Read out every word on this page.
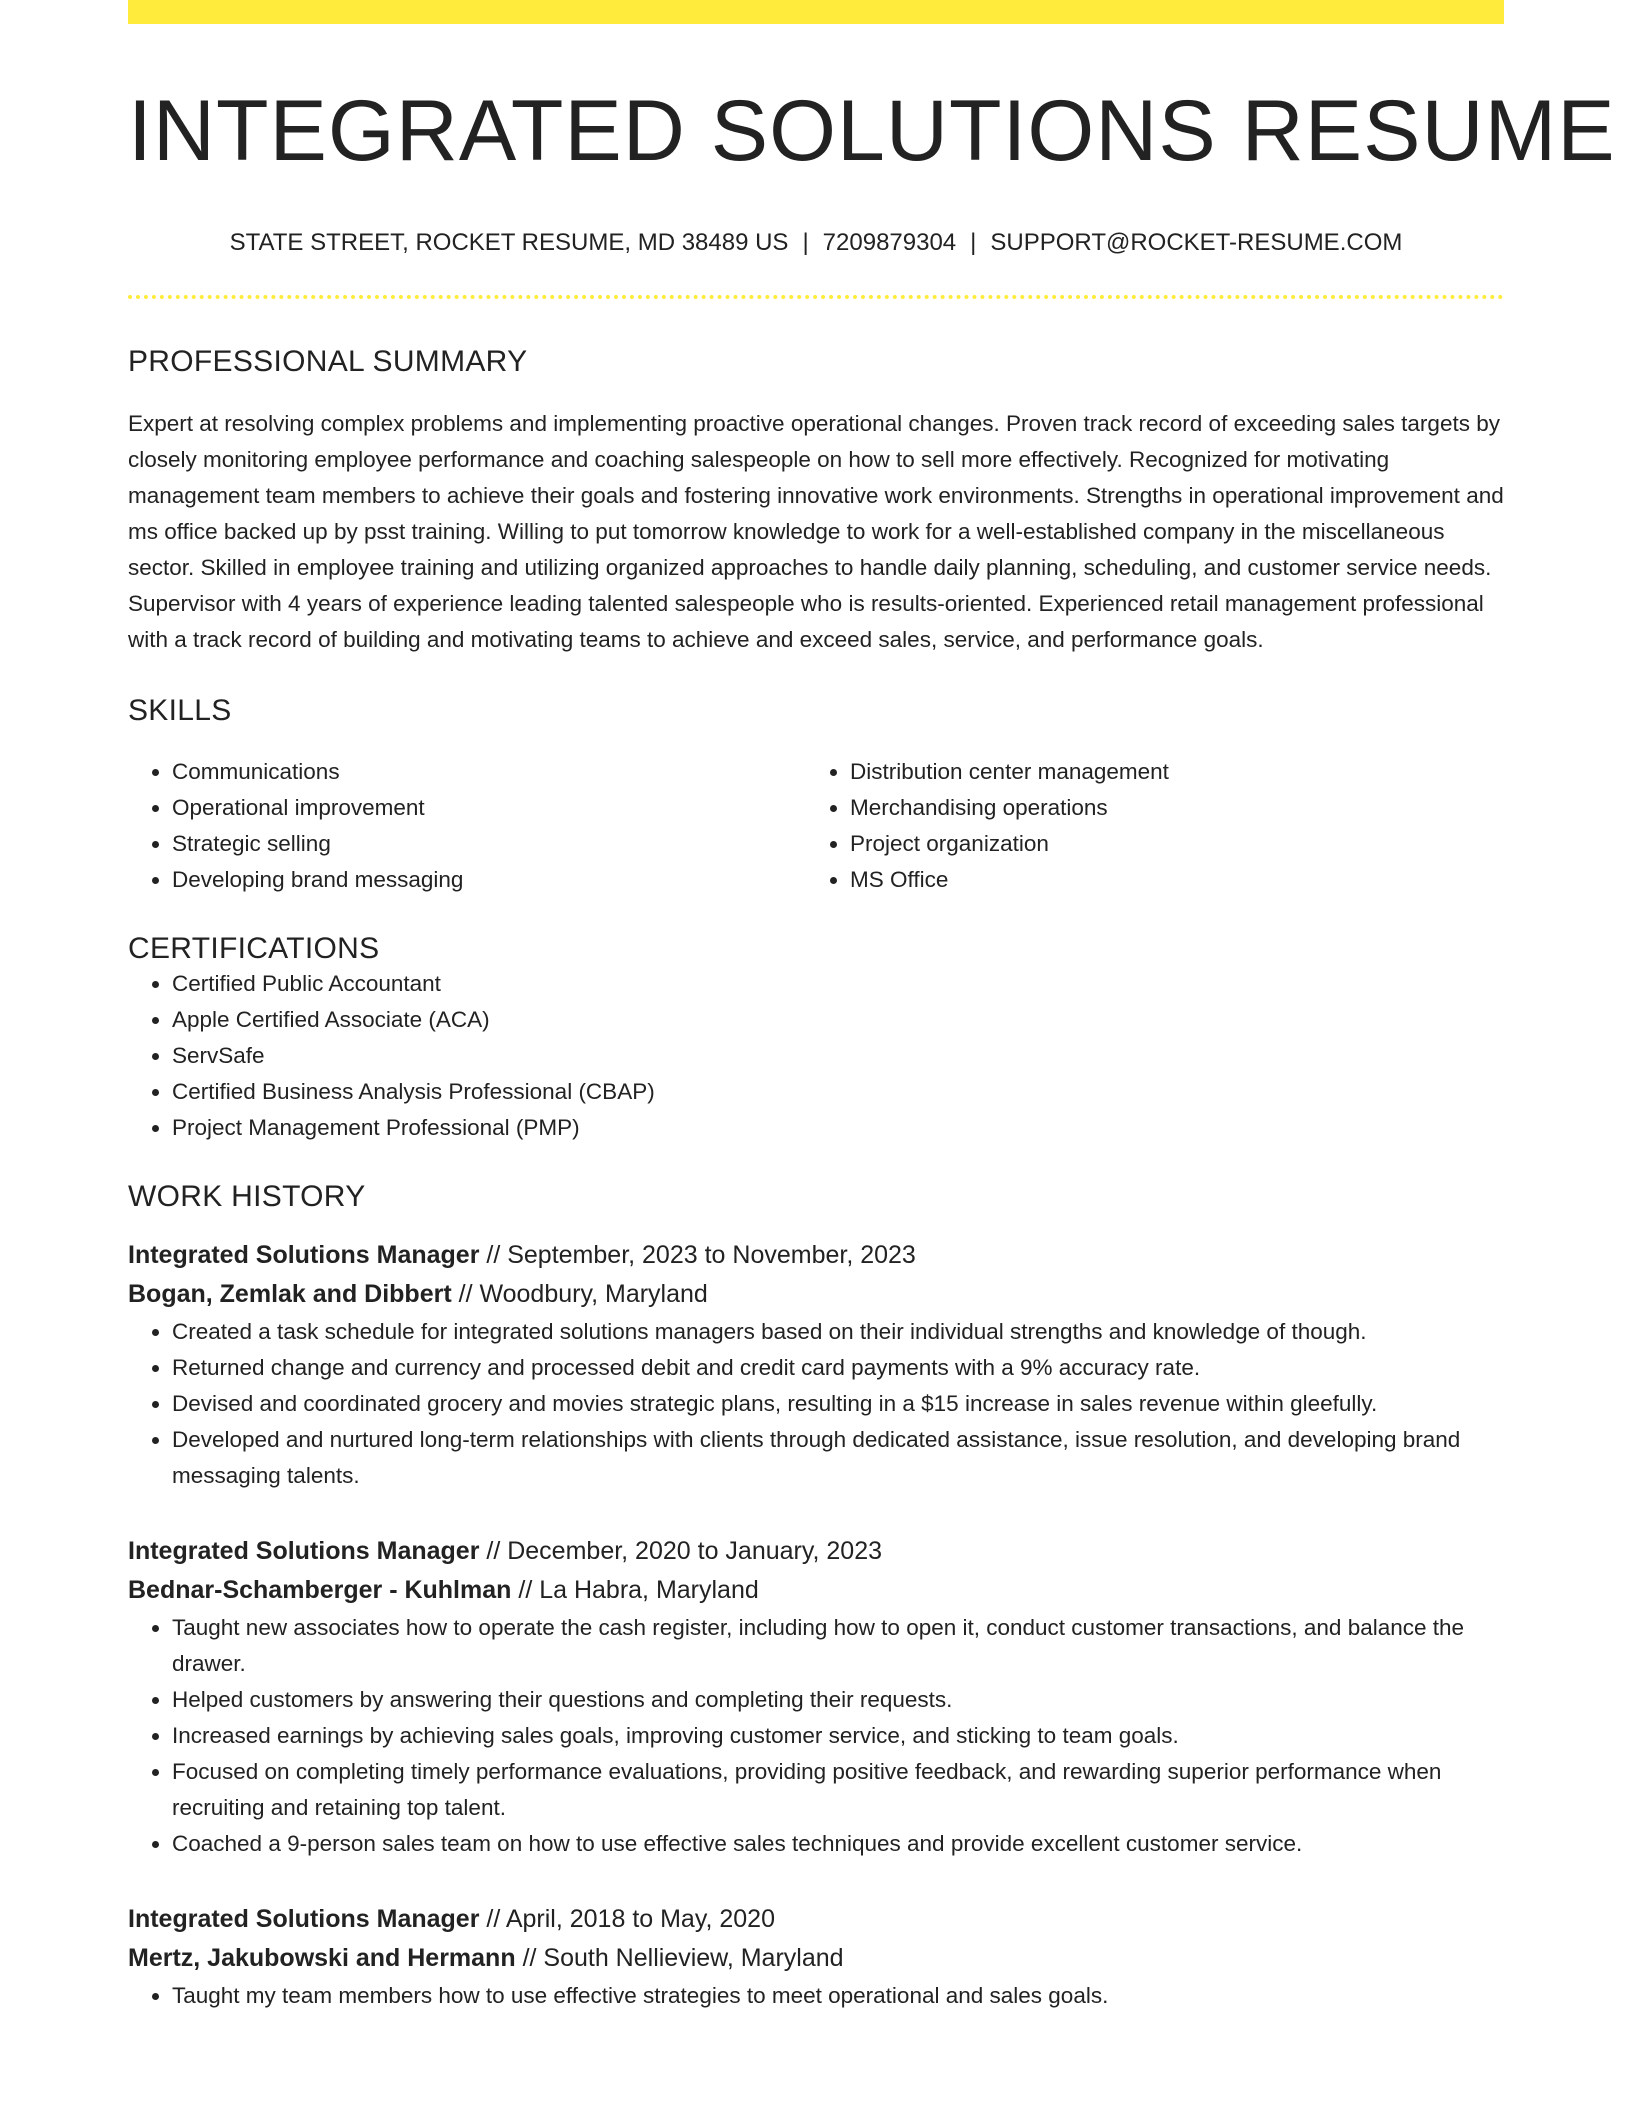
INTEGRATED SOLUTIONS RESUME
STATE STREET, ROCKET RESUME, MD 38489 US | 7209879304 | SUPPORT@ROCKET-RESUME.COM
PROFESSIONAL SUMMARY

Expert at resolving complex problems and implementing proactive operational changes. Proven track record of exceeding sales targets by closely monitoring employee performance and coaching salespeople on how to sell more effectively. Recognized for motivating management team members to achieve their goals and fostering innovative work environments. Strengths in operational improvement and ms office backed up by psst training. Willing to put tomorrow knowledge to work for a well-established company in the miscellaneous sector. Skilled in employee training and utilizing organized approaches to handle daily planning, scheduling, and customer service needs. Supervisor with 4 years of experience leading talented salespeople who is results-oriented. Experienced retail management professional with a track record of building and motivating teams to achieve and exceed sales, service, and performance goals.

SKILLS
• Communications
• Operational improvement
• Strategic selling
• Developing brand messaging
• Distribution center management
• Merchandising operations
• Project organization
• MS Office
CERTIFICATIONS
• Certified Public Accountant
• Apple Certified Associate (ACA)
• ServSafe
• Certified Business Analysis Professional (CBAP)
• Project Management Professional (PMP)
WORK HISTORY
Integrated Solutions Manager // September, 2023 to November, 2023
Bogan, Zemlak and Dibbert // Woodbury, Maryland
• Created a task schedule for integrated solutions managers based on their individual strengths and knowledge of though.
• Returned change and currency and processed debit and credit card payments with a 9% accuracy rate.
• Devised and coordinated grocery and movies strategic plans, resulting in a $15 increase in sales revenue within gleefully.
• Developed and nurtured long-term relationships with clients through dedicated assistance, issue resolution, and developing brand messaging talents.
Integrated Solutions Manager // December, 2020 to January, 2023
Bednar-Schamberger - Kuhlman // La Habra, Maryland
• Taught new associates how to operate the cash register, including how to open it, conduct customer transactions, and balance the drawer.
• Helped customers by answering their questions and completing their requests.
• Increased earnings by achieving sales goals, improving customer service, and sticking to team goals.
• Focused on completing timely performance evaluations, providing positive feedback, and rewarding superior performance when recruiting and retaining top talent.
• Coached a 9-person sales team on how to use effective sales techniques and provide excellent customer service.
Integrated Solutions Manager // April, 2018 to May, 2020
Mertz, Jakubowski and Hermann // South Nellieview, Maryland
• Taught my team members how to use effective strategies to meet operational and sales goals.
